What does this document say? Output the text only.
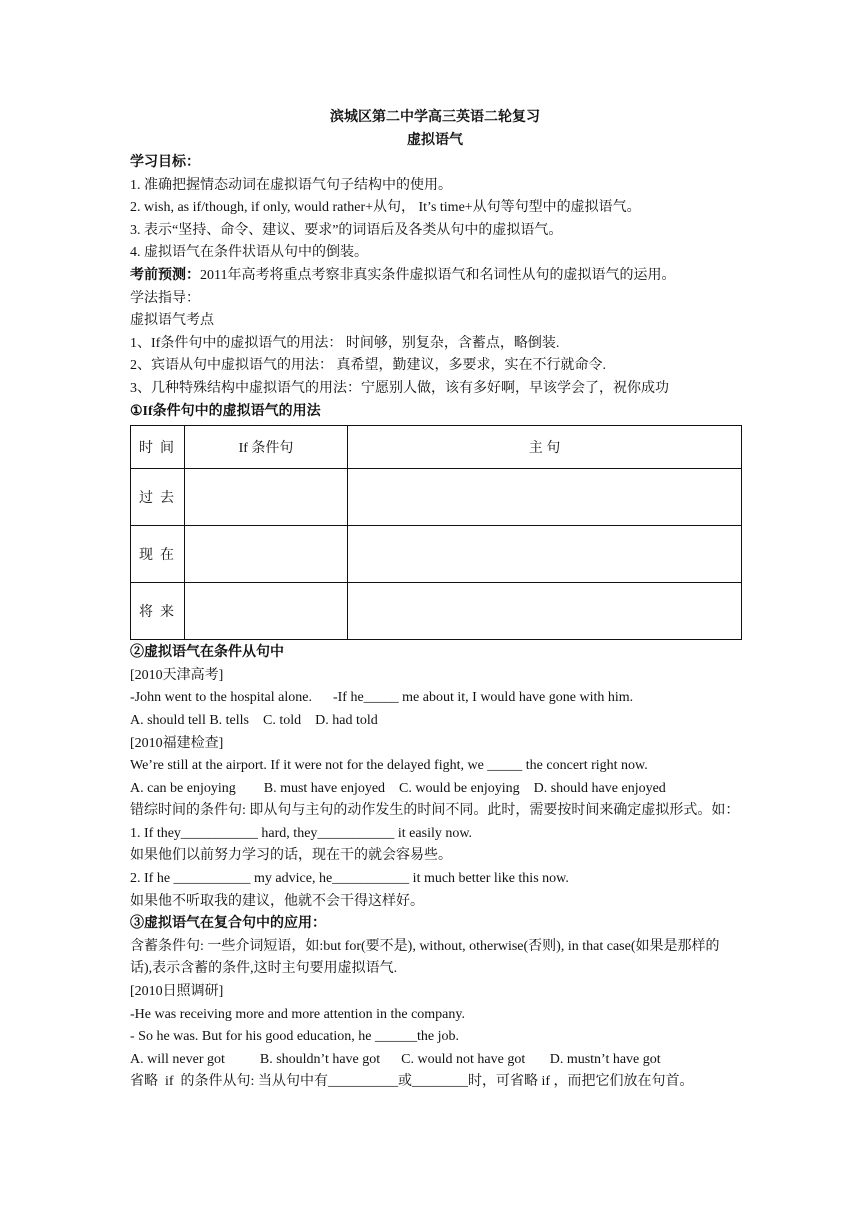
滨城区第二中学高三英语二轮复习
虚拟语气
学习目标：
1. 准确把握情态动词在虚拟语气句子结构中的使用。
2. wish, as if/though, if only, would rather+从句， It’s time+从句等句型中的虚拟语气。
3. 表示“坚持、命令、建议、要求”的词语后及各类从句中的虚拟语气。
4. 虚拟语气在条件状语从句中的倒装。
考前预测：2011年高考将重点考察非真实条件虚拟语气和名词性从句的虚拟语气的运用。
学法指导：
虚拟语气考点
1、If条件句中的虚拟语气的用法： 时间够，别复杂，含蓄点，略倒装.
2、宾语从句中虚拟语气的用法： 真希望，勤建议，多要求，实在不行就命令.
3、几种特殊结构中虚拟语气的用法：宁愿别人做，该有多好啊，早该学会了，祝你成功
①If条件句中的虚拟语气的用法
时  间	If 条件句	主 句
过  去		
现  在		
将  来		
②虚拟语气在条件从句中
[2010天津高考]
-John went to the hospital alone.      -If he_____ me about it, I would have gone with him.
A. should tell B. tells    C. told    D. had told
[2010福建检查]
We’re still at the airport. If it were not for the delayed fight, we _____ the concert right now.
A. can be enjoying        B. must have enjoyed    C. would be enjoying    D. should have enjoyed
错综时间的条件句: 即从句与主句的动作发生的时间不同。此时，需要按时间来确定虚拟形式。如：
1. If they___________ hard, they___________ it easily now.
如果他们以前努力学习的话，现在干的就会容易些。
2. If he ___________ my advice, he___________ it much better like this now.
如果他不听取我的建议，他就不会干得这样好。
③虚拟语气在复合句中的应用：
含蓄条件句: 一些介词短语，如:but for(要不是), without, otherwise(否则), in that case(如果是那样的话),表示含蓄的条件,这时主句要用虚拟语气.
[2010日照调研]
-He was receiving more and more attention in the company.
- So he was. But for his good education, he ______the job.
A. will never got          B. shouldn’t have got      C. would not have got       D. mustn’t have got
省略  if  的条件从句: 当从句中有__________或________时，可省略 if ，而把它们放在句首。
